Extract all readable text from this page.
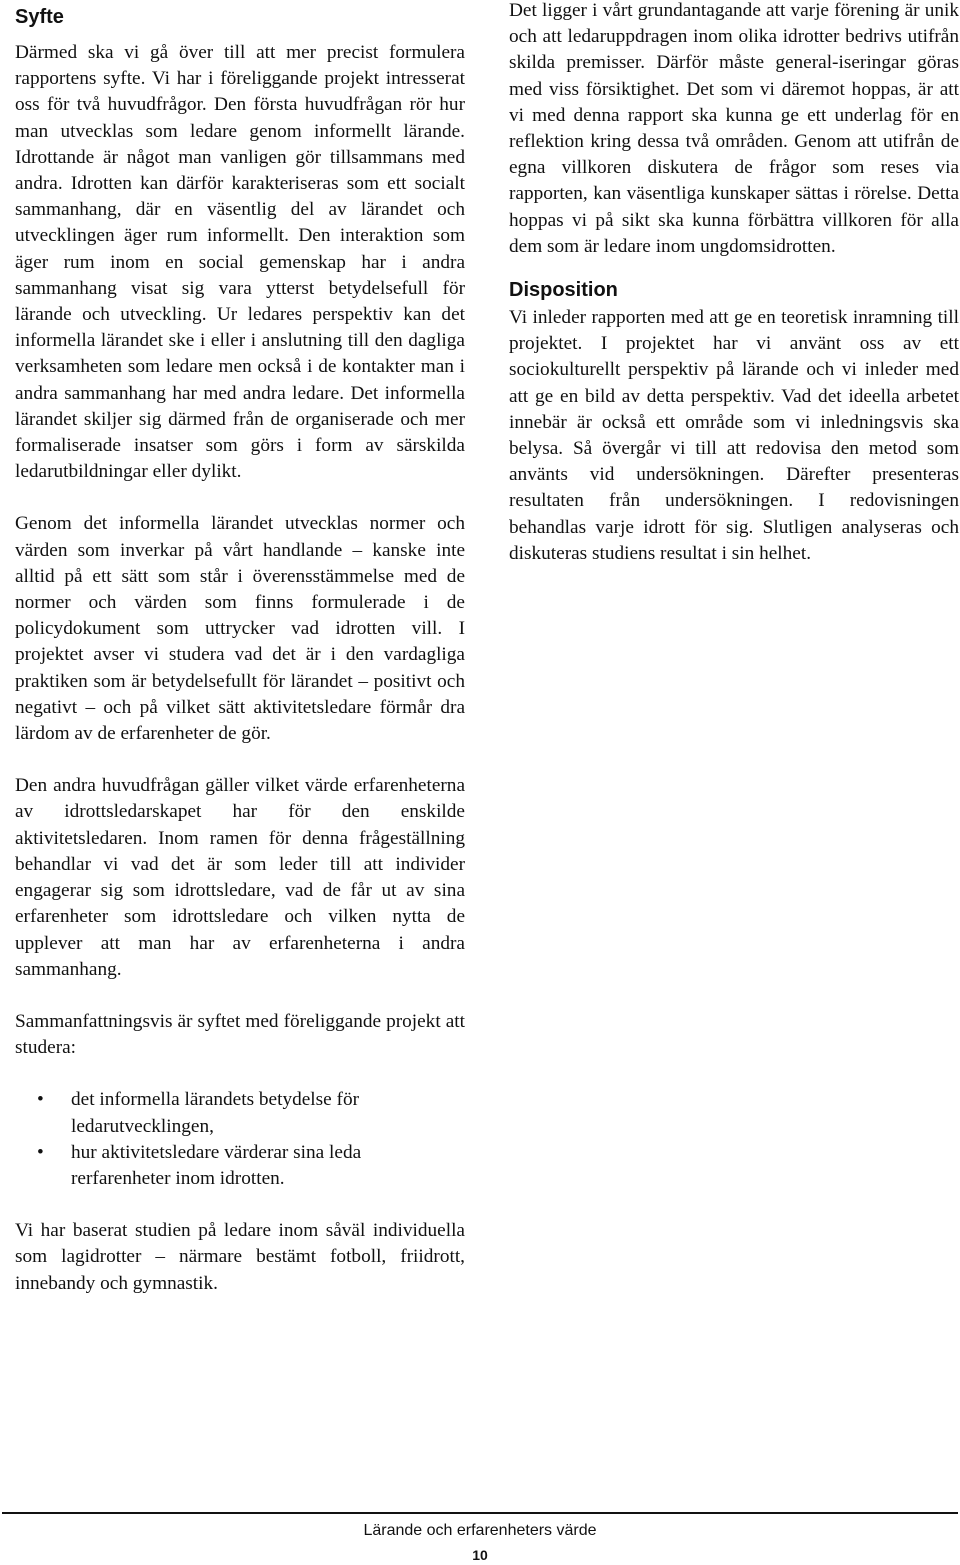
Syfte

Därmed ska vi gå över till att mer precist formulera rapportens syfte. Vi har i föreliggande projekt intresserat oss för två huvudfrågor. Den första huvudfrågan rör hur man utvecklas som ledare genom informellt lärande. Idrottande är något man vanligen gör tillsammans med andra. Idrotten kan därför karakteriseras som ett socialt sammanhang, där en väsentlig del av lärandet och utvecklingen äger rum informellt. Den interaktion som äger rum inom en social gemenskap har i andra sammanhang visat sig vara ytterst betydelsefull för lärande och utveckling. Ur ledares perspektiv kan det informella lärandet ske i eller i anslutning till den dagliga verksamheten som ledare men också i de kontakter man i andra sammanhang har med andra ledare. Det informella lärandet skiljer sig därmed från de organiserade och mer formaliserade insatser som görs i form av särskilda ledarutbildningar eller dylikt.

Genom det informella lärandet utvecklas normer och värden som inverkar på vårt handlande – kanske inte alltid på ett sätt som står i överensstämmelse med de normer och värden som finns formulerade i de policydokument som uttrycker vad idrotten vill. I projektet avser vi studera vad det är i den vardagliga praktiken som är betydelsefullt för lärandet – positivt och negativt – och på vilket sätt aktivitetsledare förmår dra lärdom av de erfarenheter de gör.

Den andra huvudfrågan gäller vilket värde erfarenheterna av idrottsledarskapet har för den enskilde aktivitetsledaren. Inom ramen för denna frågeställning behandlar vi vad det är som leder till att individer engagerar sig som idrottsledare, vad de får ut av sina erfarenheter som idrottsledare och vilken nytta de upplever att man har av erfarenheterna i andra sammanhang.

Sammanfattningsvis är syftet med föreliggande projekt att studera:

• det informella lärandets betydelse för ledarutvecklingen,
• hur aktivitetsledare värderar sina leda rerfarenheter inom idrotten.

Vi har baserat studien på ledare inom såväl individuella som lagidrotter – närmare bestämt fotboll, friidrott, innebandy och gymnastik.

Det ligger i vårt grundantagande att varje förening är unik och att ledaruppdragen inom olika idrotter bedrivs utifrån skilda premisser. Därför måste general-iseringar göras med viss försiktighet. Det som vi däremot hoppas, är att vi med denna rapport ska kunna ge ett underlag för en reflektion kring dessa två områden. Genom att utifrån de egna villkoren diskutera de frågor som reses via rapporten, kan väsentliga kunskaper sättas i rörelse. Detta hoppas vi på sikt ska kunna förbättra villkoren för alla dem som är ledare inom ungdomsidrotten.

Disposition

Vi inleder rapporten med att ge en teoretisk inramning till projektet. I projektet har vi använt oss av ett sociokulturellt perspektiv på lärande och vi inleder med att ge en bild av detta perspektiv. Vad det ideella arbetet innebär är också ett område som vi inledningsvis ska belysa. Så övergår vi till att redovisa den metod som använts vid undersökningen. Därefter presenteras resultaten från undersökningen. I redovisningen behandlas varje idrott för sig. Slutligen analyseras och diskuteras studiens resultat i sin helhet.

Lärande och erfarenheters värde
10
